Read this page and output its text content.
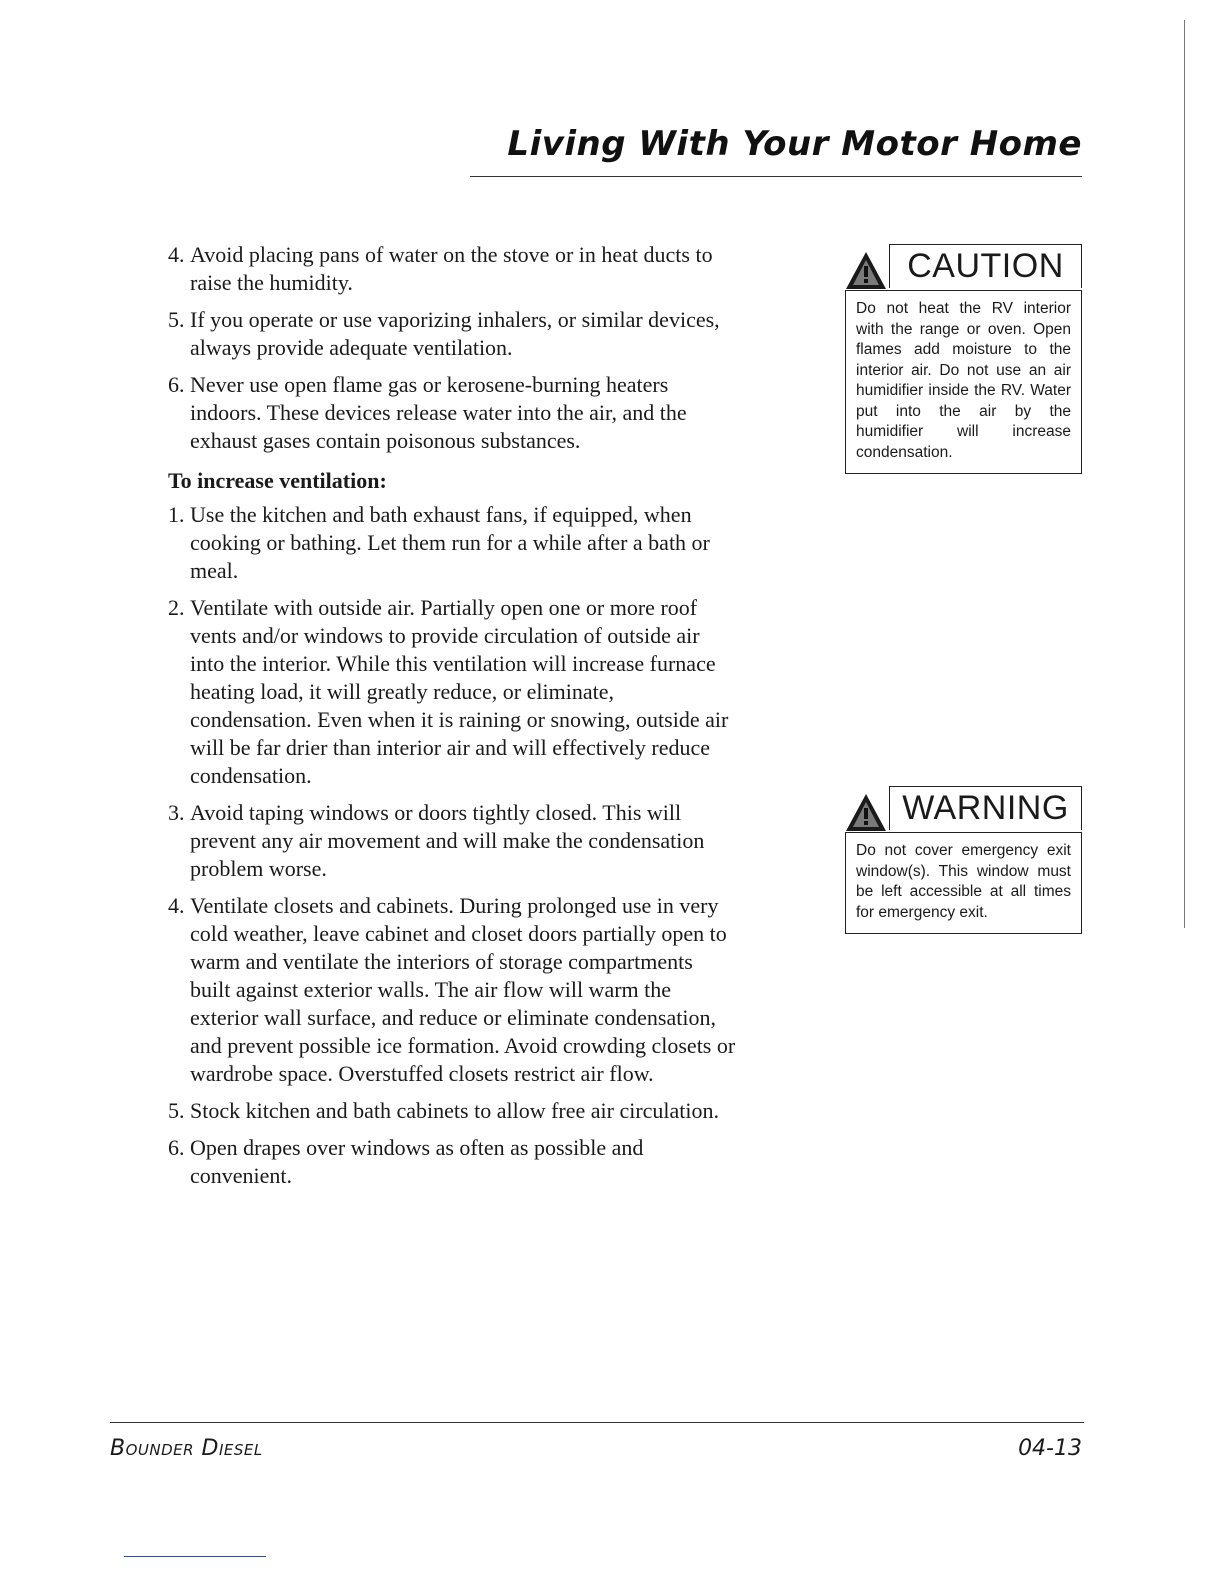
Living With Your Motor Home
4. Avoid placing pans of water on the stove or in heat ducts to raise the humidity.
5. If you operate or use vaporizing inhalers, or similar devices, always provide adequate ventilation.
6. Never use open flame gas or kerosene-burning heaters indoors. These devices release water into the air, and the exhaust gases contain poisonous substances.
To increase ventilation:
1. Use the kitchen and bath exhaust fans, if equipped, when cooking or bathing. Let them run for a while after a bath or meal.
2. Ventilate with outside air. Partially open one or more roof vents and/or windows to provide circulation of outside air into the interior. While this ventilation will increase furnace heating load, it will greatly reduce, or eliminate, condensation. Even when it is raining or snowing, outside air will be far drier than interior air and will effectively reduce condensation.
3. Avoid taping windows or doors tightly closed. This will prevent any air movement and will make the condensation problem worse.
4. Ventilate closets and cabinets. During prolonged use in very cold weather, leave cabinet and closet doors partially open to warm and ventilate the interiors of storage compartments built against exterior walls. The air flow will warm the exterior wall surface, and reduce or eliminate condensation, and prevent possible ice formation. Avoid crowding closets or wardrobe space. Overstuffed closets restrict air flow.
5. Stock kitchen and bath cabinets to allow free air circulation.
6. Open drapes over windows as often as possible and convenient.
CAUTION
Do not heat the RV interior with the range or oven. Open flames add moisture to the interior air. Do not use an air humidifier inside the RV. Water put into the air by the humidifier will increase condensation.
WARNING
Do not cover emergency exit window(s). This window must be left accessible at all times for emergency exit.
Bounder Diesel	04-13
